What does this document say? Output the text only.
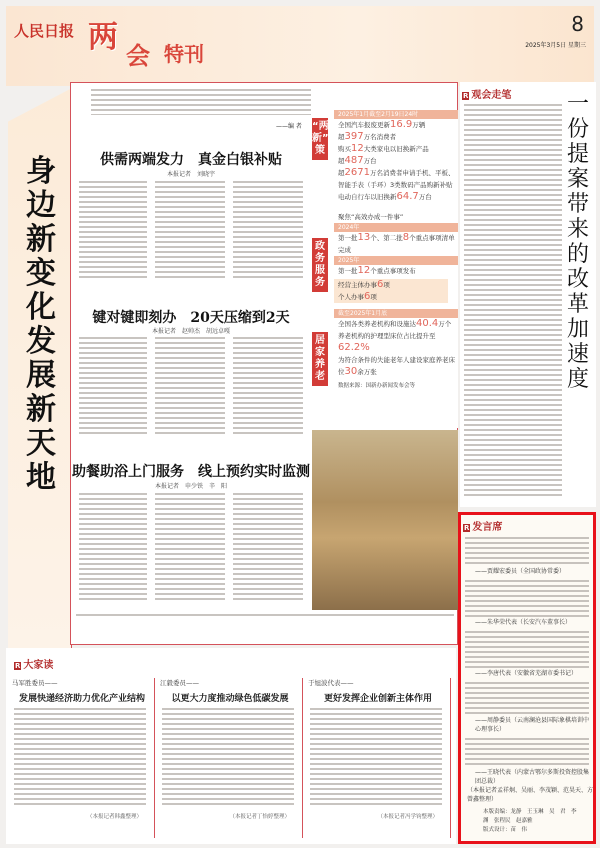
人民日报 两
会 特刊
8
2025年3月5日 星期三
身边新变化 发展新天地
——编 者
供需两端发力　真金白银补贴
本报记者　刘晓宇
键对键即刻办　20天压缩到2天
本报记者　赵帅杰　胡远卓嘎
助餐助浴上门服务　线上预约实时监测
本报记者　申少铁　辛　阳
“两新”政策
2025年1月截至2月19日24时
全国汽车报废更新16.9万辆
超397万名消费者
购买12大类家电以旧换新产品
超487万台
超2671万名消费者申请手机、平板、智能手表（手环）3类数码产品购新补贴
电动自行车以旧换新64.7万台
政务服务
聚焦“高效办成一件事”
2024年
第一批13个、第二批8个重点事项清单完成
2025年
第一批12个重点事项发布
经营主体办事6项
个人办事6项
居家养老
截至2025年1月底
全国各类养老机构和设施达40.4万个
养老机构的护理型床位占比提升至62.2%
为符合条件的失能老年人建设家庭养老床位30余万张
数据来源：国新办新闻发布会等
R 观会走笔	一份提案带来的改革加速度
R 发言席
——贾耀宏委员（全国政协常委）
——朱华荣代表（长安汽车董事长）
——李唐代表（安徽省芜湖市委书记）
——周静委员（云南澜沧县国际象棋培训中心理事长）
——王晓代表（内蒙古鄂尔多斯投资控股集团总裁）
（本报记者孟祥炯、吴丽、李茂颖、范昊天、方曾鑫整理）
本版责编：龙静　王玉琳　吴　君　李　渊　张程民　赵嘉雅
版式设计：苗　伟
R 大家读
马军胜委员——
发展快递经济助力优化产业结构
（本报记者韩鑫整理）
江毅委员——
以更大力度推动绿色低碳发展
（本报记者丁怡婷整理）
于旭波代表——
更好发挥企业创新主体作用
（本报记者冯学钧整理）
